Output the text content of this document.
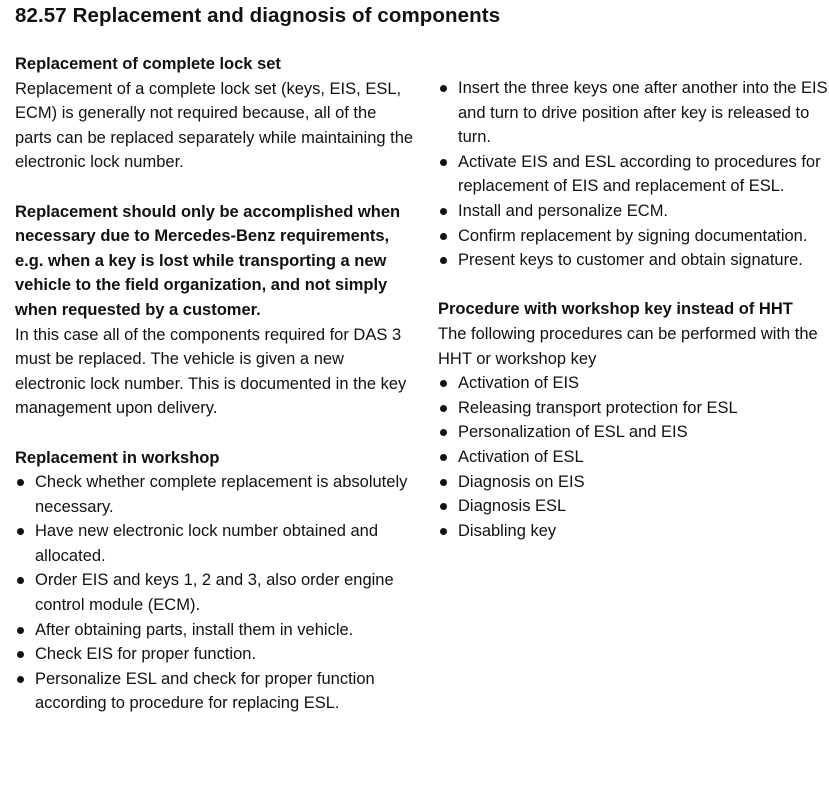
82.57 Replacement and diagnosis of components

Replacement of complete lock set

Replacement of a complete lock set (keys, EIS, ESL, ECM) is generally not required because, all of the parts can be replaced separately while maintaining the electronic lock number.

Replacement should only be accomplished when necessary due to Mercedes-Benz requirements, e.g. when a key is lost while transporting a new vehicle to the field organization, and not simply when requested by a customer.

In this case all of the components required for DAS 3 must be replaced. The vehicle is given a new electronic lock number. This is documented in the key management upon delivery.

Replacement in workshop

Check whether complete replacement is absolutely necessary.
Have new electronic lock number obtained and allocated.
Order EIS and keys 1, 2 and 3, also order engine control module (ECM).
After obtaining parts, install them in vehicle.
Check EIS for proper function.
Personalize ESL and check for proper function according to procedure for replacing ESL.
Insert the three keys one after another into the EIS and turn to drive position after key is released to turn.
Activate EIS and ESL according to procedures for replacement of EIS and replacement of ESL.
Install and personalize ECM.
Confirm replacement by signing documentation.
Present keys to customer and obtain signature.

Procedure with workshop key instead of HHT

The following procedures can be performed with the HHT or workshop key

Activation of EIS
Releasing transport protection for ESL
Personalization of ESL and EIS
Activation of ESL
Diagnosis on EIS
Diagnosis ESL
Disabling key
